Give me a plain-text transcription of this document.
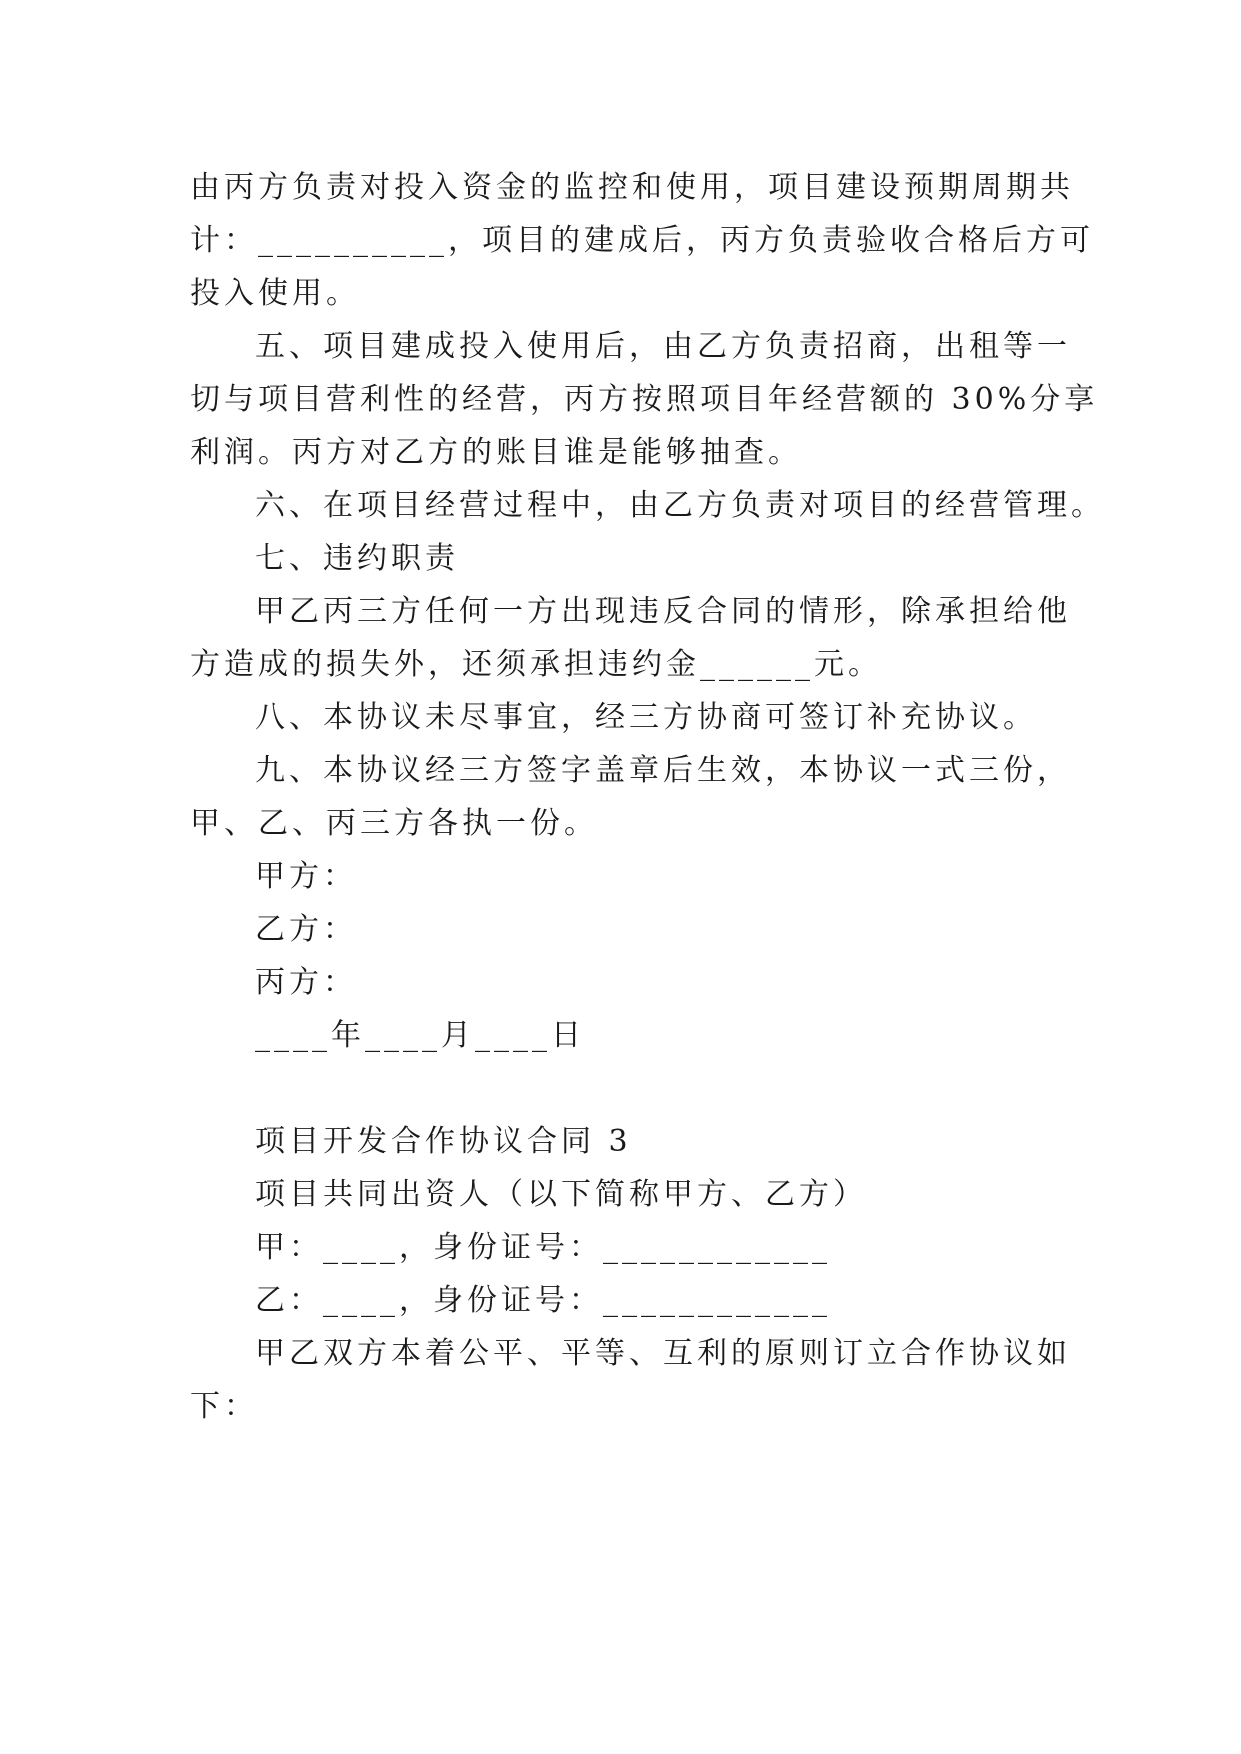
由丙方负责对投入资金的监控和使用，项目建设预期周期共
计：__________，项目的建成后，丙方负责验收合格后方可
投入使用。
五、项目建成投入使用后，由乙方负责招商，出租等一
切与项目营利性的经营，丙方按照项目年经营额的 30%分享
利润。丙方对乙方的账目谁是能够抽查。
六、在项目经营过程中，由乙方负责对项目的经营管理。
七、违约职责
甲乙丙三方任何一方出现违反合同的情形，除承担给他
方造成的损失外，还须承担违约金______元。
八、本协议未尽事宜，经三方协商可签订补充协议。
九、本协议经三方签字盖章后生效，本协议一式三份，
甲、乙、丙三方各执一份。
甲方：
乙方：
丙方：
____年____月____日
项目开发合作协议合同 3
项目共同出资人（以下简称甲方、乙方）
甲：____，身份证号：____________
乙：____，身份证号：____________
甲乙双方本着公平、平等、互利的原则订立合作协议如
下：
